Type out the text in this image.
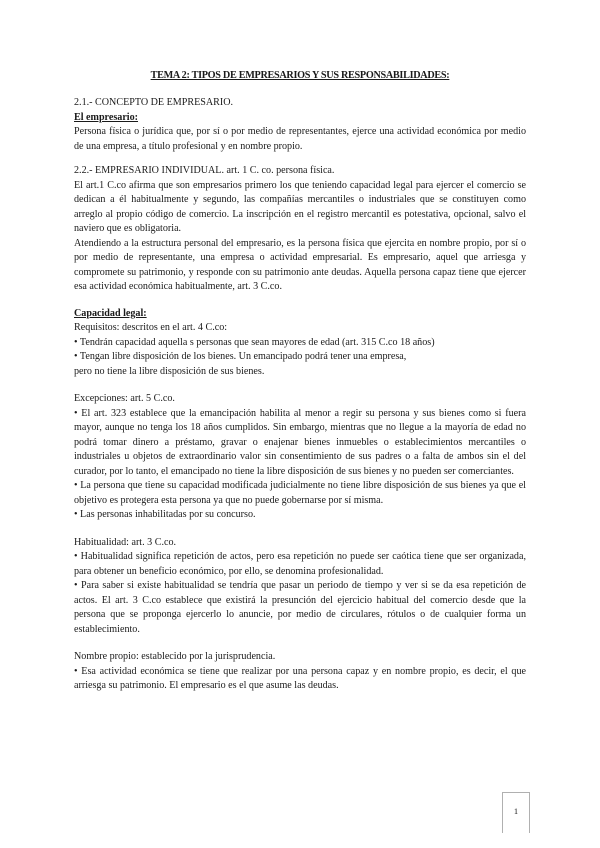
TEMA 2: TIPOS DE EMPRESARIOS Y SUS RESPONSABILIDADES:

2.1.- CONCEPTO DE EMPRESARIO.

El empresario:

Persona física o jurídica que, por sí o por medio de representantes, ejerce una actividad económica por medio de una empresa, a título profesional y en nombre propio.

2.2.- EMPRESARIO INDIVIDUAL. art. 1 C. co. persona física.

El art.1 C.co afirma que son empresarios primero los que teniendo capacidad legal para ejercer el comercio se dedican a él habitualmente y segundo, las compañías mercantiles o industriales que se constituyen como arreglo al propio código de comercio. La inscripción en el registro mercantil es potestativa, opcional, salvo el naviero que es obligatoria.

Atendiendo a la estructura personal del empresario, es la persona física que ejercita en nombre propio, por sí o por medio de representante, una empresa o actividad empresarial. Es empresario, aquel que arriesga y compromete su patrimonio, y responde con su patrimonio ante deudas. Aquella persona capaz tiene que ejercer esa actividad económica habitualmente, art. 3 C.co.

Capacidad legal:

Requisitos: descritos en el art. 4 C.co:

• Tendrán capacidad aquella s personas que sean mayores de edad (art. 315 C.co 18 años)

• Tengan libre disposición de los bienes. Un emancipado podrá tener una empresa,

pero no tiene la libre disposición de sus bienes.

Excepciones: art. 5 C.co.

• El art. 323 establece que la emancipación habilita al menor a regir su persona y sus bienes como si fuera mayor, aunque no tenga los 18 años cumplidos. Sin embargo, mientras que no llegue a la mayoría de edad no podrá tomar dinero a préstamo, gravar o enajenar bienes inmuebles o establecimientos mercantiles o industriales u objetos de extraordinario valor sin consentimiento de sus padres o a falta de ambos sin el del curador, por lo tanto, el emancipado no tiene la libre disposición de sus bienes y no pueden ser comerciantes.

• La persona que tiene su capacidad modificada judicialmente no tiene libre disposición de sus bienes ya que el objetivo es protegera esta persona ya que no puede gobernarse por sí misma.

• Las personas inhabilitadas por su concurso.

Habitualidad: art. 3 C.co.

• Habitualidad significa repetición de actos, pero esa repetición no puede ser caótica tiene que ser organizada, para obtener un beneficio económico, por ello, se denomina profesionalidad.

• Para saber si existe habitualidad se tendría que pasar un periodo de tiempo y ver si se da esa repetición de actos. El art. 3 C.co establece que existirá la presunción del ejercicio habitual del comercio desde que la persona que se proponga ejercerlo lo anuncie, por medio de circulares, rótulos o de cualquier forma un establecimiento.

Nombre propio: establecido por la jurisprudencia.

• Esa actividad económica se tiene que realizar por una persona capaz y en nombre propio, es decir, el que arriesga su patrimonio. El empresario es el que asume las deudas.

1
